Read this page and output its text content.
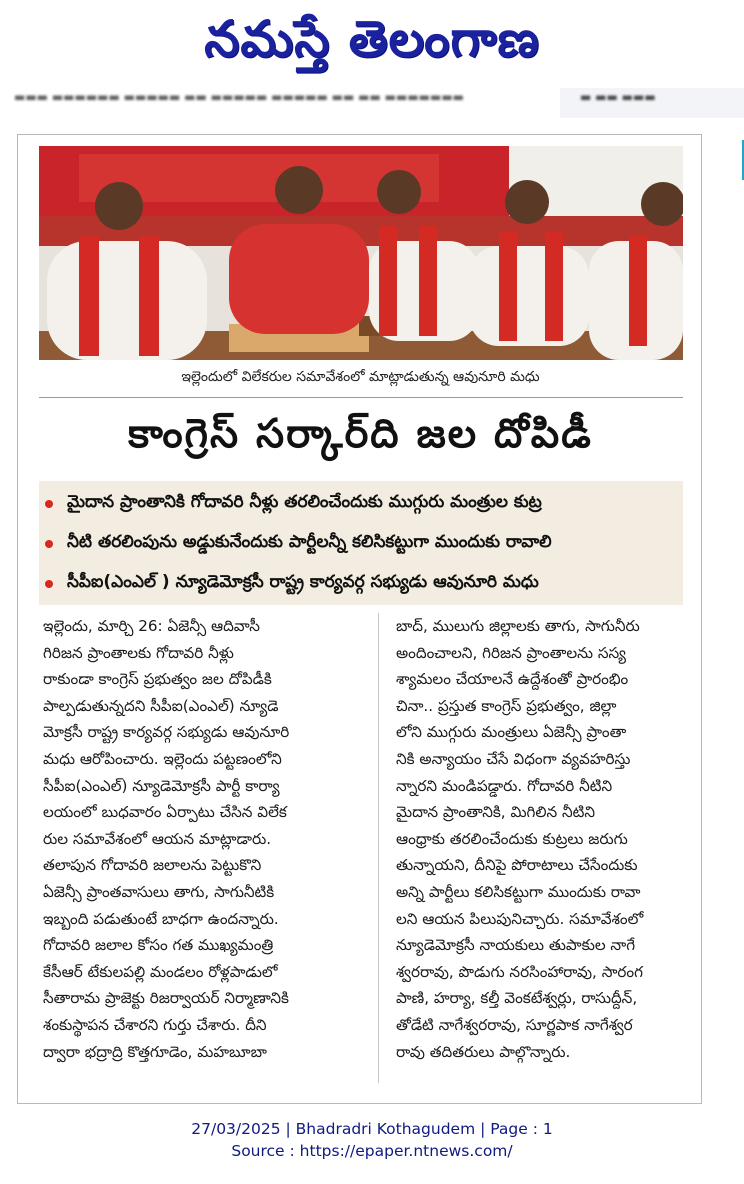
నమస్తే తెలంగాణ
▬▬▬ ▬▬▬▬▬▬ ▬▬▬▬▬ ▬▬ ▬▬▬▬▬ ▬▬▬▬▬ ▬▬ ▬▬ ▬▬▬▬▬▬▬	▬ ▬▬ ▬▬▬
ఇల్లెందులో విలేకరుల సమావేశంలో మాట్లాడుతున్న ఆవునూరి మధు
కాంగ్రెస్ సర్కార్‌ది జల దోపిడీ
మైదాన ప్రాంతానికి గోదావరి నీళ్లు తరలించేందుకు ముగ్గురు మంత్రుల కుట్ర
నీటి తరలింపును అడ్డుకునేందుకు పార్టీలన్నీ కలిసికట్టుగా ముందుకు రావాలి
సీపీఐ(ఎంఎల్ ) న్యూడెమోక్రసీ రాష్ట్ర కార్యవర్గ సభ్యుడు ఆవునూరి మధు
ఇల్లెందు, మార్చి 26: ఏజెన్సీ ఆదివాసీ
గిరిజన ప్రాంతాలకు గోదావరి నీళ్లు
రాకుండా కాంగ్రెస్ ప్రభుత్వం జల దోపిడీకి
పాల్పడుతున్నదని సీపీఐ(ఎంఎల్) న్యూడె
మోక్రసీ రాష్ట్ర కార్యవర్గ సభ్యుడు ఆవునూరి
మధు ఆరోపించారు. ఇల్లెందు పట్టణంలోని
సీపీఐ(ఎంఎల్) న్యూడెమోక్రసీ పార్టీ కార్యా
లయంలో బుధవారం ఏర్పాటు చేసిన విలేక
రుల సమావేశంలో ఆయన మాట్లాడారు.
తలాపున గోదావరి జలాలను పెట్టుకొని
ఏజెన్సీ ప్రాంతవాసులు తాగు, సాగునీటికి
ఇబ్బంది పడుతుంటే బాధగా ఉందన్నారు.
గోదావరి జలాల కోసం గత ముఖ్యమంత్రి
కేసీఆర్ టేకులపల్లి మండలం రోళ్లపాడులో
సీతారామ ప్రాజెక్టు రిజర్వాయర్ నిర్మాణానికి
శంకుస్థాపన చేశారని గుర్తు చేశారు. దీని
ద్వారా భద్రాద్రి కొత్తగూడెం, మహబూబా
బాద్, ములుగు జిల్లాలకు తాగు, సాగునీరు
అందించాలని, గిరిజన ప్రాంతాలను సస్య
శ్యామలం చేయాలనే ఉద్దేశంతో ప్రారంభిం
చినా.. ప్రస్తుత కాంగ్రెస్ ప్రభుత్వం, జిల్లా
లోని ముగ్గురు మంత్రులు ఏజెన్సీ ప్రాంతా
నికి అన్యాయం చేసే విధంగా వ్యవహరిస్తు
న్నారని మండిపడ్డారు. గోదావరి నీటిని
మైదాన ప్రాంతానికి, మిగిలిన నీటిని
ఆంధ్రాకు తరలించేందుకు కుట్రలు జరుగు
తున్నాయని, దీనిపై పోరాటాలు చేసేందుకు
అన్ని పార్టీలు కలిసికట్టుగా ముందుకు రావా
లని ఆయన పిలుపునిచ్చారు. సమావేశంలో
న్యూడెమోక్రసీ నాయకులు తుపాకుల నాగే
శ్వరరావు, పొడుగు నరసింహారావు, సారంగ
పాణి, హర్యా, కల్తీ వెంకటేశ్వర్లు, రాసుద్దీన్,
తోడేటి నాగేశ్వరరావు, సూర్ణపాక నాగేశ్వర
రావు తదితరులు పాల్గొన్నారు.
27/03/2025 | Bhadradri Kothagudem | Page : 1
Source : https://epaper.ntnews.com/
